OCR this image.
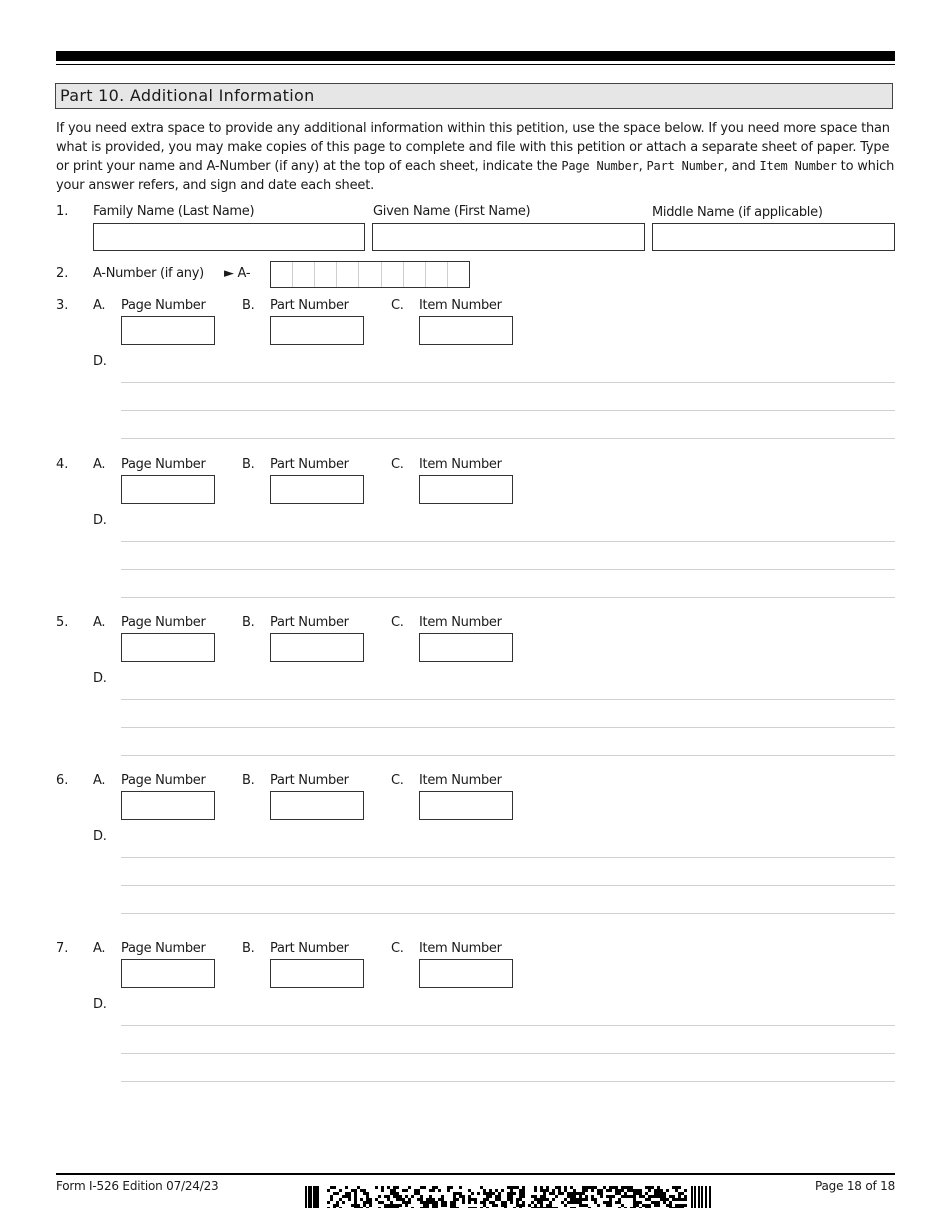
Part 10. Additional Information
If you need extra space to provide any additional information within this petition, use the space below. If you need more space than what is provided, you may make copies of this page to complete and file with this petition or attach a separate sheet of paper. Type or print your name and A-Number (if any) at the top of each sheet, indicate the Page Number, Part Number, and Item Number to which your answer refers, and sign and date each sheet.
1. Family Name (Last Name)	Given Name (First Name)	Middle Name (if applicable)
2. A-Number (if any) ► A-
3. A. Page Number	B. Part Number	C. Item Number
D.
4. A. Page Number	B. Part Number	C. Item Number
D.
5. A. Page Number	B. Part Number	C. Item Number
D.
6. A. Page Number	B. Part Number	C. Item Number
D.
7. A. Page Number	B. Part Number	C. Item Number
D.
Form I-526 Edition 07/24/23	Page 18 of 18
